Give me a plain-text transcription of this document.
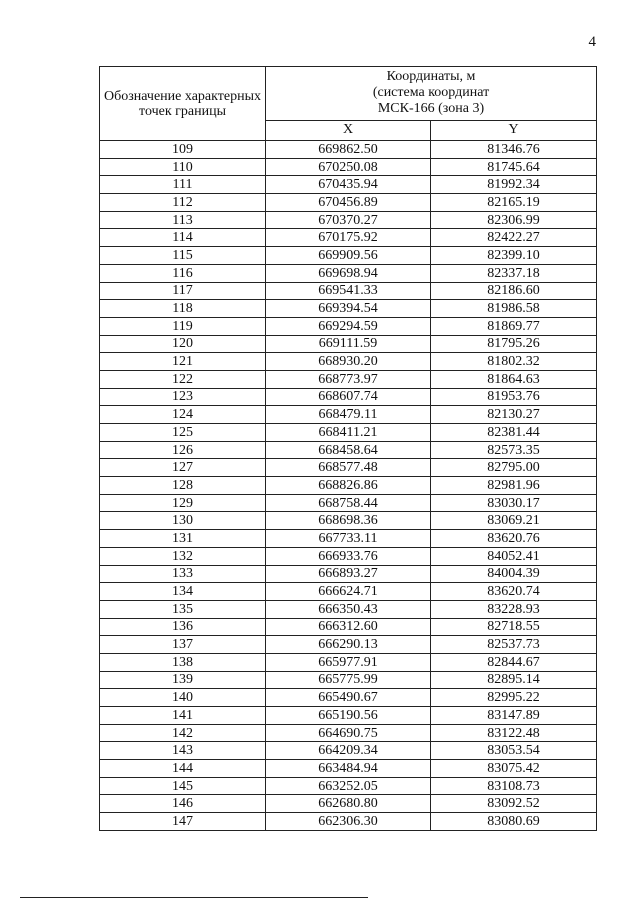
4
Обозначение характерных точек границы	Координаты, м
(система координат
МСК-166 (зона 3)	

	X	Y
109	669862.50	81346.76
110	670250.08	81745.64
111	670435.94	81992.34
112	670456.89	82165.19
113	670370.27	82306.99
114	670175.92	82422.27
115	669909.56	82399.10
116	669698.94	82337.18
117	669541.33	82186.60
118	669394.54	81986.58
119	669294.59	81869.77
120	669111.59	81795.26
121	668930.20	81802.32
122	668773.97	81864.63
123	668607.74	81953.76
124	668479.11	82130.27
125	668411.21	82381.44
126	668458.64	82573.35
127	668577.48	82795.00
128	668826.86	82981.96
129	668758.44	83030.17
130	668698.36	83069.21
131	667733.11	83620.76
132	666933.76	84052.41
133	666893.27	84004.39
134	666624.71	83620.74
135	666350.43	83228.93
136	666312.60	82718.55
137	666290.13	82537.73
138	665977.91	82844.67
139	665775.99	82895.14
140	665490.67	82995.22
141	665190.56	83147.89
142	664690.75	83122.48
143	664209.34	83053.54
144	663484.94	83075.42
145	663252.05	83108.73
146	662680.80	83092.52
147	662306.30	83080.69
